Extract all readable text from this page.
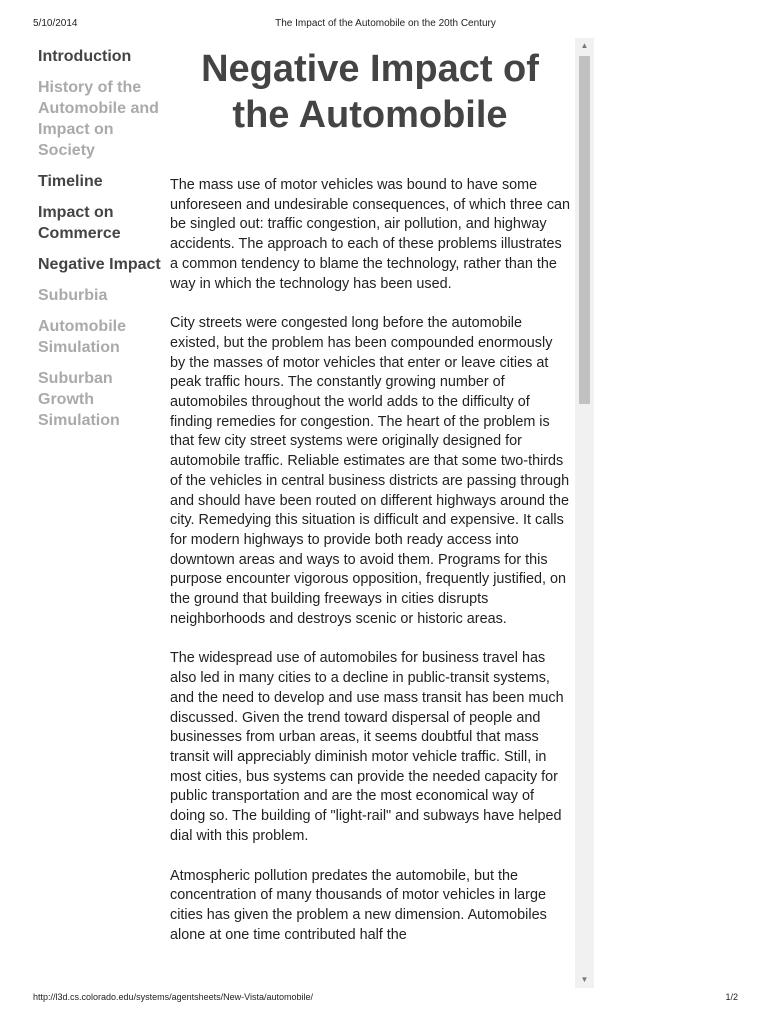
5/10/2014	The Impact of the Automobile on the 20th Century
Introduction
History of the Automobile and Impact on Society
Timeline
Impact on Commerce
Negative Impact
Suburbia
Automobile Simulation
Suburban Growth Simulation
Negative Impact of the Automobile

The mass use of motor vehicles was bound to have some unforeseen and undesirable consequences, of which three can be singled out: traffic congestion, air pollution, and highway accidents. The approach to each of these problems illustrates a common tendency to blame the technology, rather than the way in which the technology has been used.

City streets were congested long before the automobile existed, but the problem has been compounded enormously by the masses of motor vehicles that enter or leave cities at peak traffic hours. The constantly growing number of automobiles throughout the world adds to the difficulty of finding remedies for congestion. The heart of the problem is that few city street systems were originally designed for automobile traffic. Reliable estimates are that some two-thirds of the vehicles in central business districts are passing through and should have been routed on different highways around the city. Remedying this situation is difficult and expensive. It calls for modern highways to provide both ready access into downtown areas and ways to avoid them. Programs for this purpose encounter vigorous opposition, frequently justified, on the ground that building freeways in cities disrupts neighborhoods and destroys scenic or historic areas.

The widespread use of automobiles for business travel has also led in many cities to a decline in public-transit systems, and the need to develop and use mass transit has been much discussed. Given the trend toward dispersal of people and businesses from urban areas, it seems doubtful that mass transit will appreciably diminish motor vehicle traffic. Still, in most cities, bus systems can provide the needed capacity for public transportation and are the most economical way of doing so. The building of "light-rail" and subways have helped dial with this problem.

Atmospheric pollution predates the automobile, but the concentration of many thousands of motor vehicles in large cities has given the problem a new dimension. Automobiles alone at one time contributed half the

▲
▼
http://l3d.cs.colorado.edu/systems/agentsheets/New-Vista/automobile/	1/2
